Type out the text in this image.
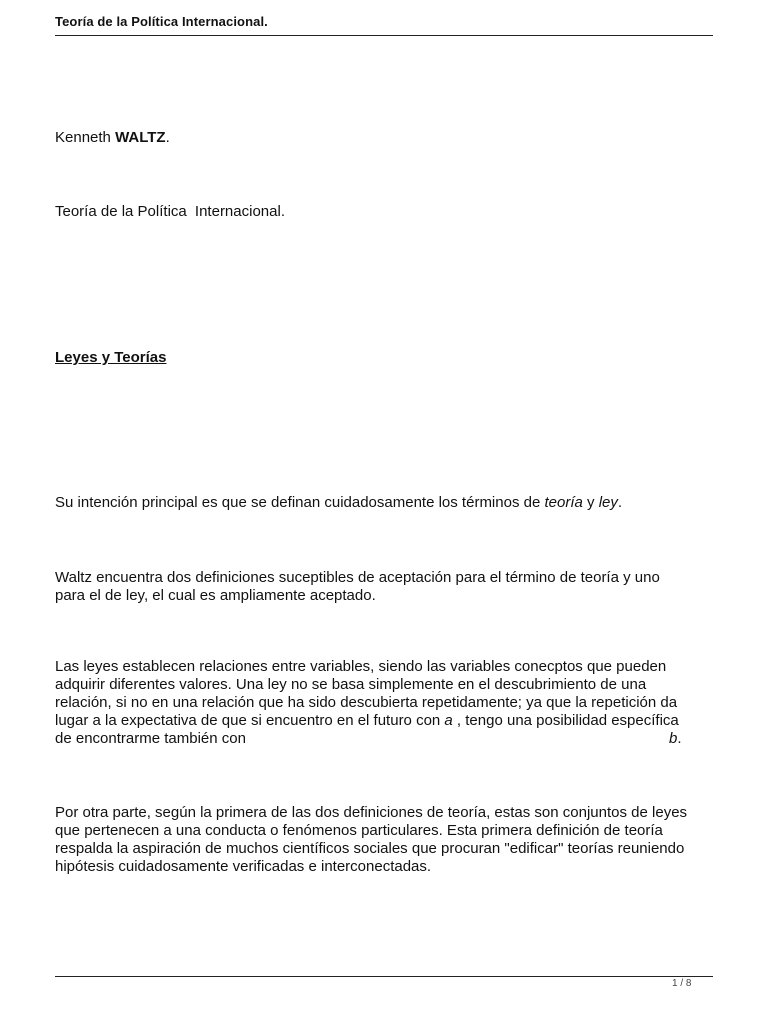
Teoría de la Política Internacional.
Kenneth WALTZ.
Teoría de la Política Internacional.
Leyes y Teorías
Su intención principal es que se definan cuidadosamente los términos de teoría y ley.
Waltz encuentra dos definiciones suceptibles de aceptación para el término de teoría y uno
para el de ley, el cual es ampliamente aceptado.
Las leyes establecen relaciones entre variables, siendo las variables conecptos que pueden
adquirir diferentes valores. Una ley no se basa simplemente en el descubrimiento de una
relación, si no en una relación que ha sido descubierta repetidamente; ya que la repetición da
lugar a la expectativa de que si encuentro en el futuro con a , tengo una posibilidad específica
de encontrarme también con	b.
Por otra parte, según la primera de las dos definiciones de teoría, estas son conjuntos de leyes
que pertenecen a una conducta o fenómenos particulares. Esta primera definición de teoría
respalda la aspiración de muchos científicos sociales que procuran "edificar" teorías reuniendo
hipótesis cuidadosamente verificadas e interconectadas.
1 / 8
